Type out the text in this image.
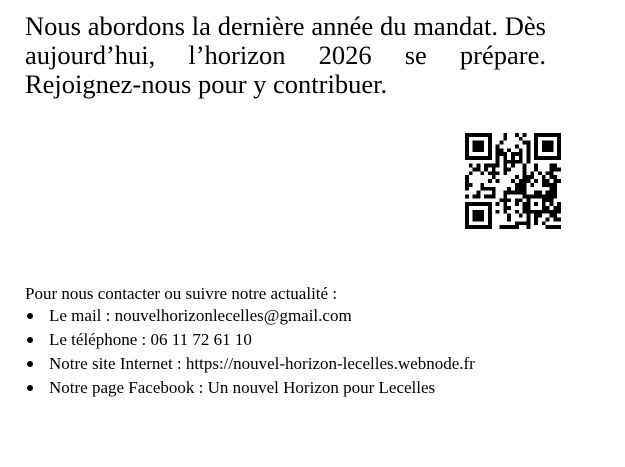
Nous abordons la dernière année du mandat. Dès aujourd’hui, l’horizon 2026 se prépare. Rejoignez-nous pour y contribuer.

Pour nous contacter ou suivre notre actualité :

Le mail : nouvelhorizonlecelles@gmail.com
Le téléphone : 06 11 72 61 10
Notre site Internet : https://nouvel-horizon-lecelles.webnode.fr
Notre page Facebook : Un nouvel Horizon pour Lecelles
